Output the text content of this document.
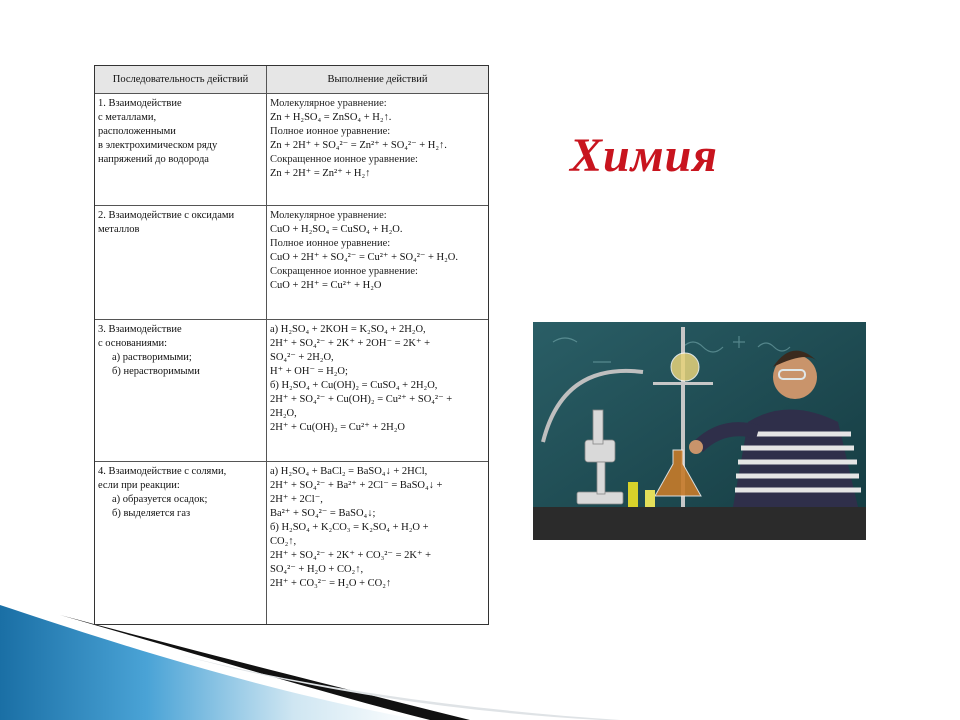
Последовательность действий	Выполнение действий
1. Взаимодействие
с металлами,
расположенными
в электрохимическом ряду
напряжений до водорода
Молекулярное уравнение:
Zn + H₂SO₄ = ZnSO₄ + H₂↑.
Полное ионное уравнение:
Zn + 2H⁺ + SO₄²⁻ = Zn²⁺ + SO₄²⁻ + H₂↑.
Сокращенное ионное уравнение:
Zn + 2H⁺ = Zn²⁺ + H₂↑
2. Взаимодействие с оксидами
металлов
Молекулярное уравнение:
CuO + H₂SO₄ = CuSO₄ + H₂O.
Полное ионное уравнение:
CuO + 2H⁺ + SO₄²⁻ = Cu²⁺ + SO₄²⁻ + H₂O.
Сокращенное ионное уравнение:
CuO + 2H⁺ = Cu²⁺ + H₂O
3. Взаимодействие
с основаниями:
а) растворимыми;
б) нерастворимыми
а) H₂SO₄ + 2KOH = K₂SO₄ + 2H₂O,
2H⁺ + SO₄²⁻ + 2K⁺ + 2OH⁻ = 2K⁺ +
SO₄²⁻ + 2H₂O,
H⁺ + OH⁻ = H₂O;
б) H₂SO₄ + Cu(OH)₂ = CuSO₄ + 2H₂O,
2H⁺ + SO₄²⁻ + Cu(OH)₂ = Cu²⁺ + SO₄²⁻ +
2H₂O,
2H⁺ + Cu(OH)₂ = Cu²⁺ + 2H₂O
4. Взаимодействие с солями,
если при реакции:
а) образуется осадок;
б) выделяется газ
а) H₂SO₄ + BaCl₂ = BaSO₄↓ + 2HCl,
2H⁺ + SO₄²⁻ + Ba²⁺ + 2Cl⁻ = BaSO₄↓ +
2H⁺ + 2Cl⁻,
Ba²⁺ + SO₄²⁻ = BaSO₄↓;
б) H₂SO₄ + K₂CO₃ = K₂SO₄ + H₂O +
CO₂↑,
2H⁺ + SO₄²⁻ + 2K⁺ + CO₃²⁻ = 2K⁺ +
SO₄²⁻ + H₂O + CO₂↑,
2H⁺ + CO₃²⁻ = H₂O + CO₂↑
Химия
